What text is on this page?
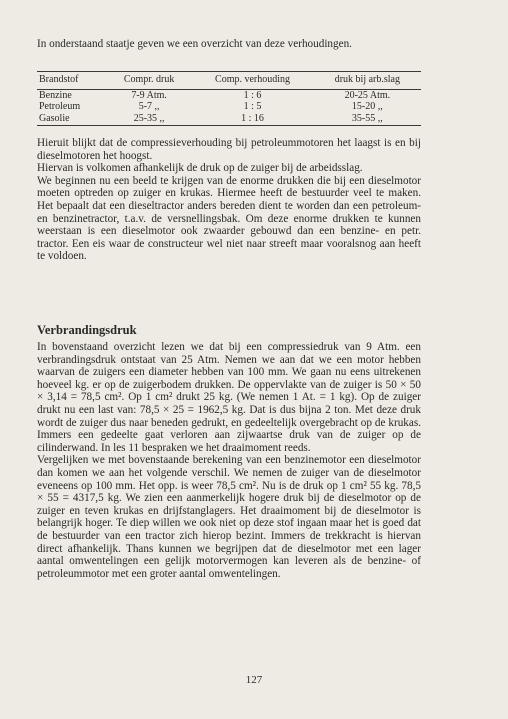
In onderstaand staatje geven we een overzicht van deze verhoudingen.

Brandstof	Compr. druk	Comp. verhouding	druk bij arb.slag
Benzine	7-9 Atm.	1 : 6	20-25 Atm.
Petroleum	5-7 ,,	1 : 5	15-20 ,,
Gasolie	25-35 ,,	1 : 16	35-55 ,,

Hieruit blijkt dat de compressieverhouding bij petroleummotoren het laagst is en bij dieselmotoren het hoogst.

Hiervan is volkomen afhankelijk de druk op de zuiger bij de arbeidsslag.

We beginnen nu een beeld te krijgen van de enorme drukken die bij een dieselmotor moeten optreden op zuiger en krukas. Hiermee heeft de bestuurder veel te maken. Het bepaalt dat een dieseltractor anders bereden dient te worden dan een petroleum- en benzinetractor, t.a.v. de versnellingsbak. Om deze enorme drukken te kunnen weerstaan is een dieselmotor ook zwaarder gebouwd dan een benzine- en petr. tractor. Een eis waar de constructeur wel niet naar streeft maar vooralsnog aan heeft te voldoen.

Verbrandingsdruk

In bovenstaand overzicht lezen we dat bij een compressiedruk van 9 Atm. een verbrandingsdruk ontstaat van 25 Atm. Nemen we aan dat we een motor hebben waarvan de zuigers een diameter hebben van 100 mm. We gaan nu eens uitrekenen hoeveel kg. er op de zuigerbodem drukken. De oppervlakte van de zuiger is 50 × 50 × 3,14 = 78,5 cm². Op 1 cm² drukt 25 kg. (We nemen 1 At. = 1 kg). Op de zuiger drukt nu een last van: 78,5 × 25 = 1962,5 kg. Dat is dus bijna 2 ton. Met deze druk wordt de zuiger dus naar beneden gedrukt, en gedeeltelijk overgebracht op de krukas. Immers een gedeelte gaat verloren aan zijwaartse druk van de zuiger op de cilinderwand. In les 11 bespraken we het draaimoment reeds.

Vergelijken we met bovenstaande berekening van een benzinemotor een dieselmotor dan komen we aan het volgende verschil. We nemen de zuiger van de dieselmotor eveneens op 100 mm. Het opp. is weer 78,5 cm². Nu is de druk op 1 cm² 55 kg. 78,5 × 55 = 4317,5 kg. We zien een aanmerkelijk hogere druk bij de dieselmotor op de zuiger en teven krukas en drijfstanglagers. Het draaimoment bij de dieselmotor is belangrijk hoger. Te diep willen we ook niet op deze stof ingaan maar het is goed dat de bestuurder van een tractor zich hierop bezint. Immers de trekkracht is hiervan direct afhankelijk. Thans kunnen we begrijpen dat de dieselmotor met een lager aantal omwentelingen een gelijk motorvermogen kan leveren als de benzine- of petroleummotor met een groter aantal omwentelingen.

127
